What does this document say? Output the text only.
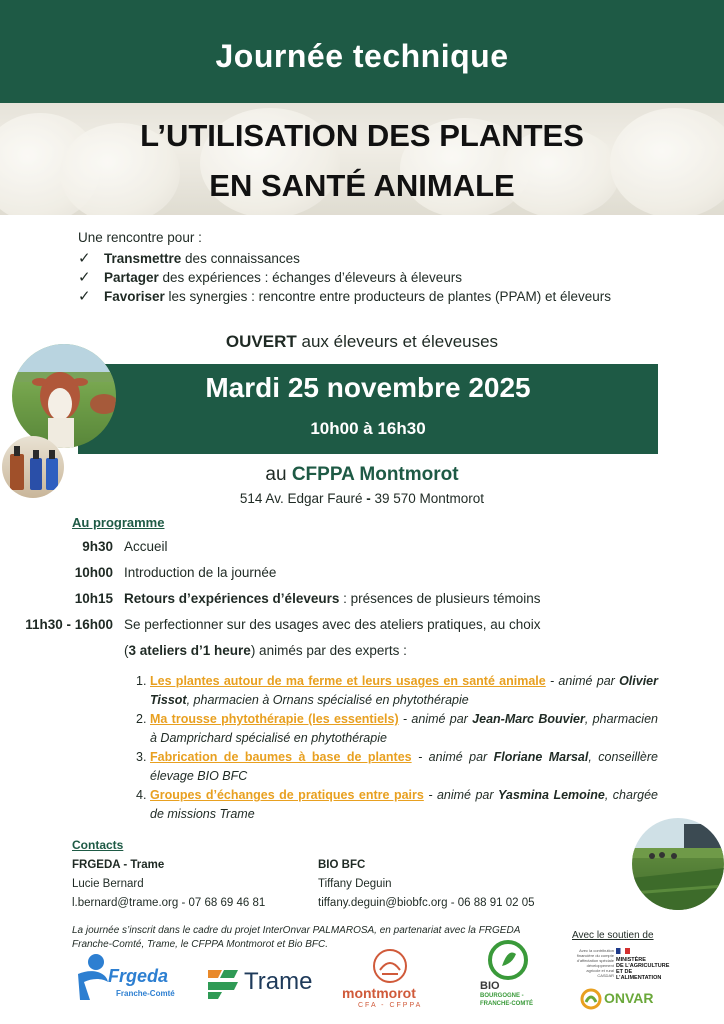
Journée technique
L’UTILISATION DES PLANTES
EN SANTÉ ANIMALE
Une rencontre pour :
✓ Transmettre des connaissances
✓ Partager des expériences : échanges d’éleveurs à éleveurs
✓ Favoriser les synergies : rencontre entre producteurs de plantes (PPAM) et éleveurs
OUVERT aux éleveurs et éleveuses
Mardi 25 novembre 2025
10h00 à 16h30
au CFPPA Montmorot
514 Av. Edgar Fauré - 39 570 Montmorot
Au programme
9h30 Accueil
10h00 Introduction de la journée
10h15 Retours d’expériences d’éleveurs : présences de plusieurs témoins
11h30 - 16h00 Se perfectionner sur des usages avec des ateliers pratiques, au choix
(3 ateliers d’1 heure) animés par des experts :
1. Les plantes autour de ma ferme et leurs usages en santé animale - animé par Olivier Tissot, pharmacien à Ornans spécialisé en phytothérapie
2. Ma trousse phytothérapie (les essentiels) - animé par Jean-Marc Bouvier, pharmacien à Damprichard spécialisé en phytothérapie
3. Fabrication de baumes à base de plantes - animé par Floriane Marsal, conseillère élevage BIO BFC
4. Groupes d’échanges de pratiques entre pairs - animé par Yasmina Lemoine, chargée de missions Trame
Contacts
FRGEDA - Trame
Lucie Bernard
l.bernard@trame.org - 07 68 69 46 81
BIO BFC
Tiffany Deguin
tiffany.deguin@biobfc.org - 06 88 91 02 05
La journée s’inscrit dans le cadre du projet InterOnvar PALMAROSA, en partenariat avec la FRGEDA Franche-Comté, Trame, le CFPPA Montmorot et Bio BFC.
Avec le soutien de
Frgeda
Franche-Comté	Trame montmorot
CFA - CFPPA
BIO
BOURGOGNE -
FRANCHE-COMTÉ
Avec la contribution financière du compte d’affectation spéciale développement agricole et rural CASDAR
MINISTÈRE
DE L’AGRICULTURE
ET DE L’ALIMENTATION
ONVAR
